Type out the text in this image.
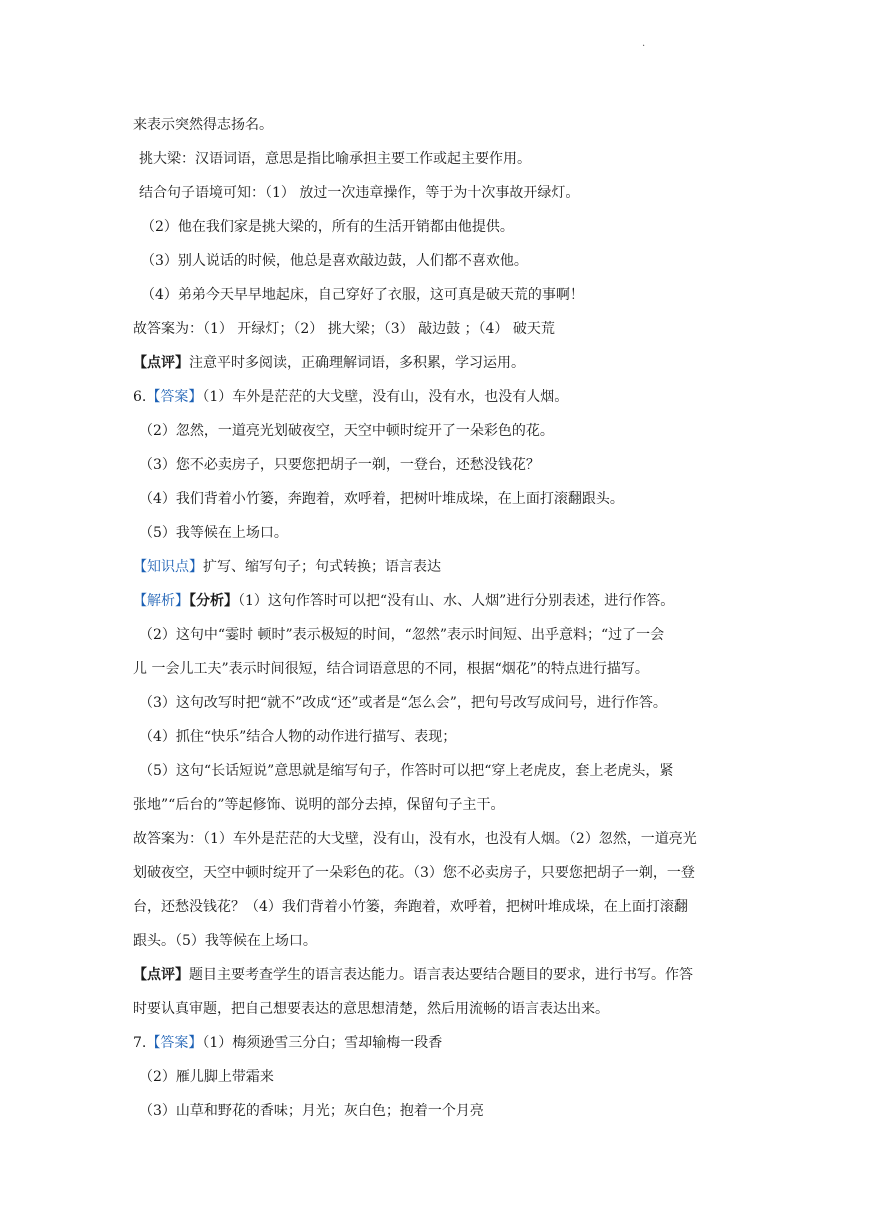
.
来表示突然得志扬名。
挑大梁：汉语词语，意思是指比喻承担主要工作或起主要作用。
结合句子语境可知：（1） 放过一次违章操作，等于为十次事故开绿灯。
（2）他在我们家是挑大梁的，所有的生活开销都由他提供。
（3）别人说话的时候，他总是喜欢敲边鼓，人们都不喜欢他。
（4）弟弟今天早早地起床，自己穿好了衣服，这可真是破天荒的事啊！
故答案为：（1） 开绿灯；（2） 挑大梁；（3） 敲边鼓 ；（4） 破天荒
【点评】注意平时多阅读，正确理解词语，多积累，学习运用。
6.【答案】（1）车外是茫茫的大戈壁，没有山，没有水，也没有人烟。
（2）忽然，一道亮光划破夜空，天空中顿时绽开了一朵彩色的花。
（3）您不必卖房子，只要您把胡子一剃，一登台，还愁没钱花？
（4）我们背着小竹篓，奔跑着，欢呼着，把树叶堆成垛，在上面打滚翻跟头。
（5）我等候在上场口。
【知识点】扩写、缩写句子；句式转换；语言表达
【解析】【分析】（1）这句作答时可以把“没有山、水、人烟”进行分别表述，进行作答。
（2）这句中“霎时 顿时”表示极短的时间，“忽然”表示时间短、出乎意料；“过了一会
儿 一会儿工夫”表示时间很短，结合词语意思的不同，根据“烟花”的特点进行描写。
（3）这句改写时把“就不”改成“还”或者是“怎么会”，把句号改写成问号，进行作答。
（4）抓住“快乐”结合人物的动作进行描写、表现；
（5）这句“长话短说”意思就是缩写句子，作答时可以把“穿上老虎皮，套上老虎头，紧
张地”“后台的”等起修饰、说明的部分去掉，保留句子主干。
故答案为：（1）车外是茫茫的大戈壁，没有山，没有水，也没有人烟。（2）忽然，一道亮光
划破夜空，天空中顿时绽开了一朵彩色的花。（3）您不必卖房子，只要您把胡子一剃，一登
台，还愁没钱花？（4）我们背着小竹篓，奔跑着，欢呼着，把树叶堆成垛，在上面打滚翻
跟头。（5）我等候在上场口。
【点评】题目主要考查学生的语言表达能力。语言表达要结合题目的要求，进行书写。作答
时要认真审题，把自己想要表达的意思想清楚，然后用流畅的语言表达出来。
7.【答案】（1）梅须逊雪三分白；雪却输梅一段香
（2）雁儿脚上带霜来
（3）山草和野花的香味；月光；灰白色；抱着一个月亮
